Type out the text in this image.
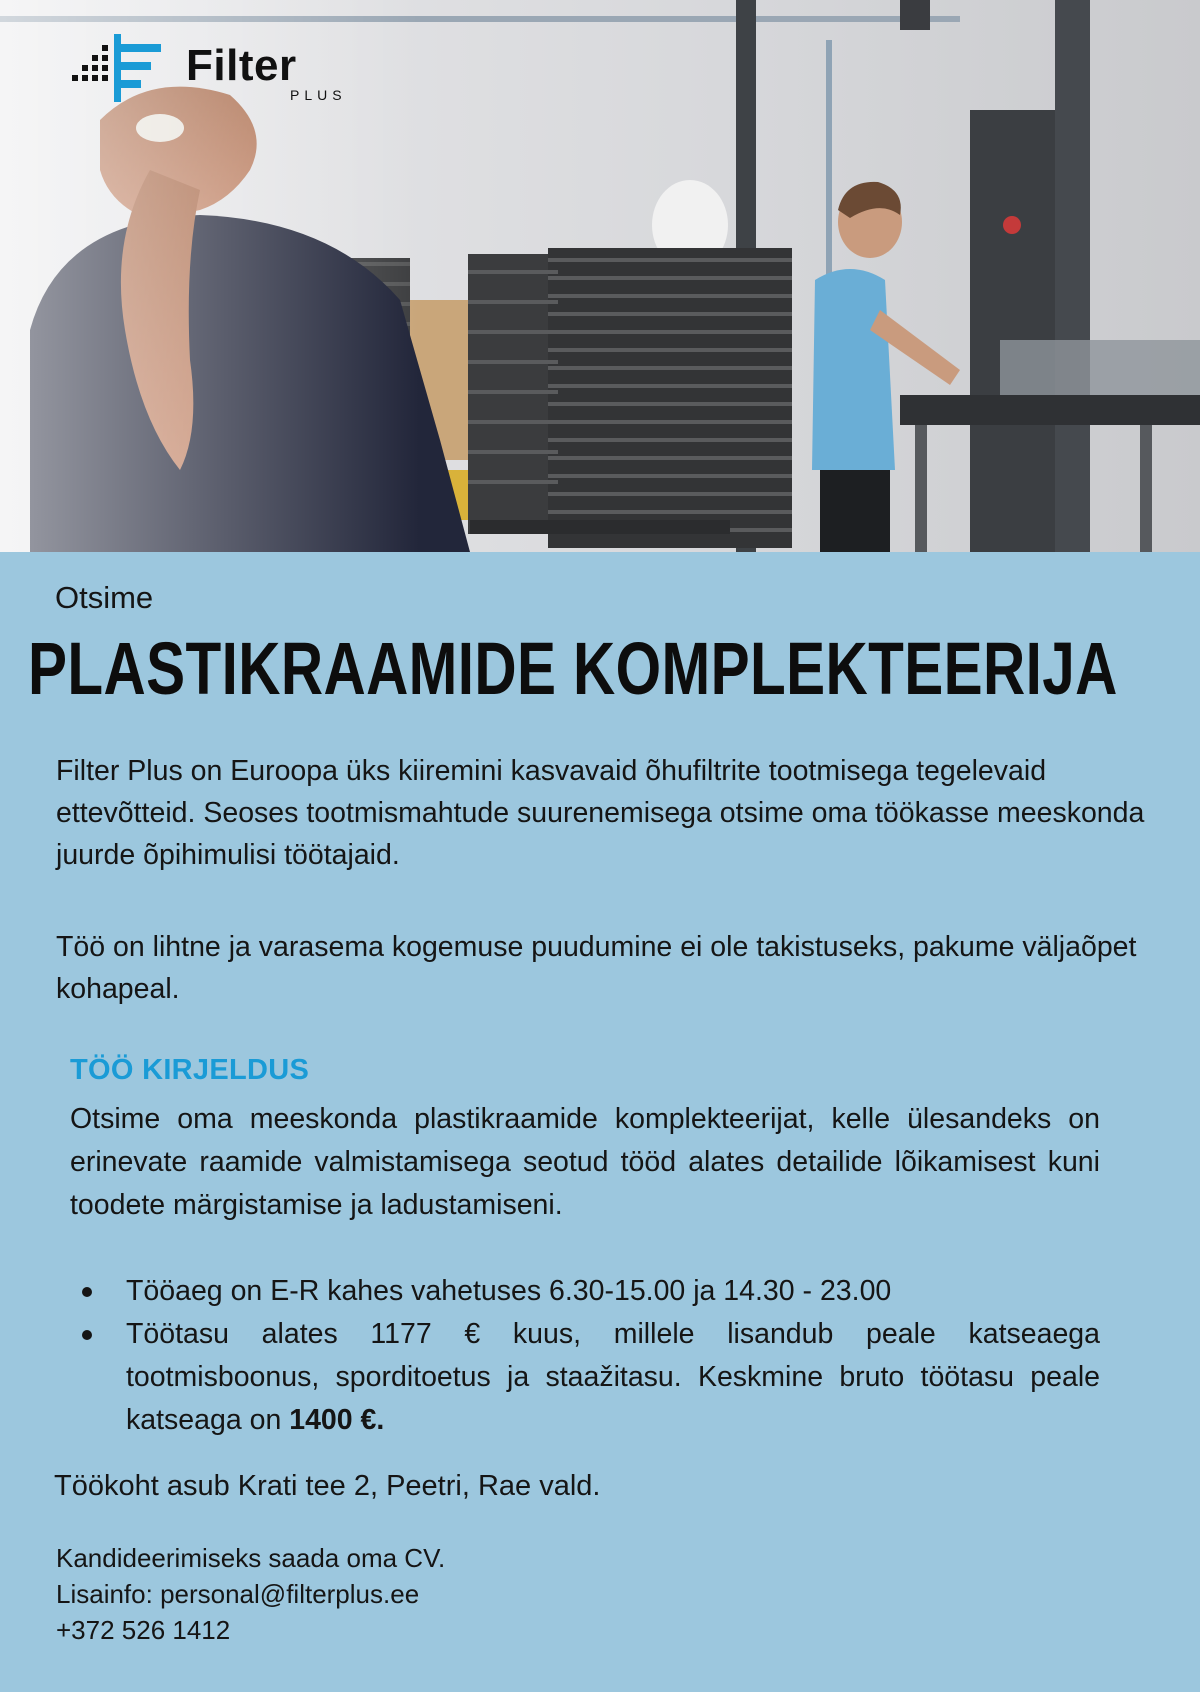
Filter
PLUS
Otsime
PLASTIKRAAMIDE KOMPLEKTEERIJA

Filter Plus on Euroopa üks kiiremini kasvavaid õhufiltrite tootmisega tegelevaid ettevõtteid. Seoses tootmismahtude suurenemisega otsime oma töökasse meeskonda juurde õpihimulisi töötajaid.

Töö on lihtne ja varasema kogemuse puudumine ei ole takistuseks, pakume väljaõpet kohapeal.

TÖÖ KIRJELDUS

Otsime oma meeskonda plastikraamide komplekteerijat, kelle ülesandeks on erinevate raamide valmistamisega seotud tööd alates detailide lõikamisest kuni toodete märgistamise ja ladustamiseni.

Tööaeg on E-R kahes vahetuses 6.30-15.00 ja 14.30 - 23.00
Töötasu alates 1177 € kuus, millele lisandub peale katseaega tootmisboonus, sporditoetus ja staažitasu. Keskmine bruto töötasu peale katseaga on 1400 €.
Töökoht asub Krati tee 2, Peetri, Rae vald.
Kandideerimiseks saada oma CV.
Lisainfo: personal@filterplus.ee
+372 526 1412
